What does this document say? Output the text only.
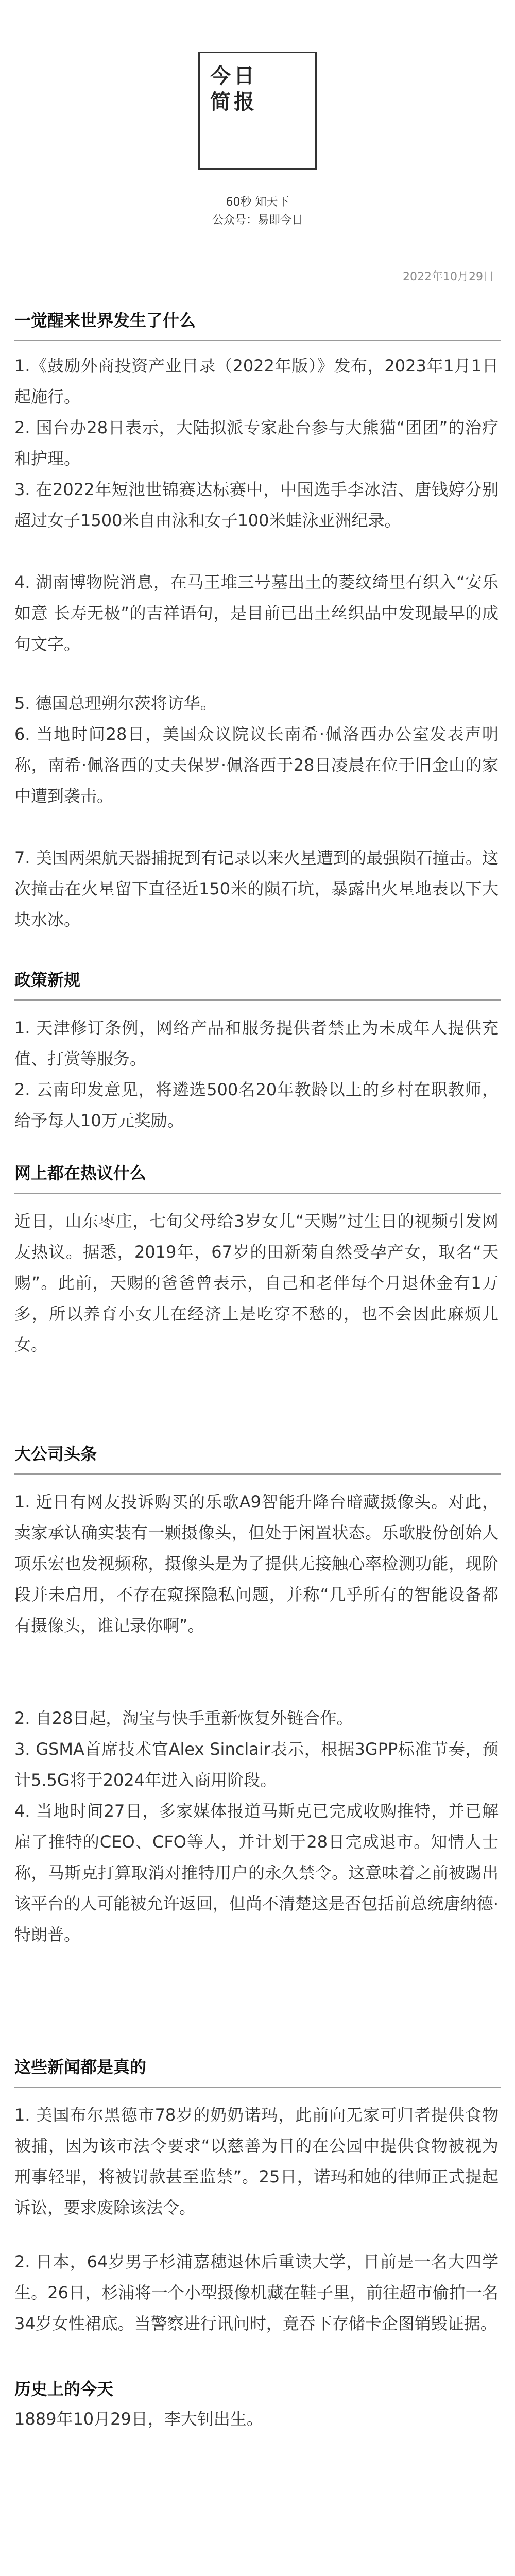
今日
简报
60秒 知天下
公众号：易即今日
2022年10月29日
一觉醒来世界发生了什么

1.《鼓励外商投资产业目录（2022年版）》发布，2023年1月1日起施行。

2. 国台办28日表示，大陆拟派专家赴台参与大熊猫“团团”的治疗和护理。

3. 在2022年短池世锦赛达标赛中，中国选手李冰洁、唐钱婷分别超过女子1500米自由泳和女子100米蛙泳亚洲纪录。

4. 湖南博物院消息，在马王堆三号墓出土的菱纹绮里有织入“安乐如意 长寿无极”的吉祥语句，是目前已出土丝织品中发现最早的成句文字。

5. 德国总理朔尔茨将访华。

6. 当地时间28日，美国众议院议长南希·佩洛西办公室发表声明称，南希·佩洛西的丈夫保罗·佩洛西于28日凌晨在位于旧金山的家中遭到袭击。

7. 美国两架航天器捕捉到有记录以来火星遭到的最强陨石撞击。这次撞击在火星留下直径近150米的陨石坑，暴露出火星地表以下大块水冰。

政策新规

1. 天津修订条例，网络产品和服务提供者禁止为未成年人提供充值、打赏等服务。

2. 云南印发意见，将遴选500名20年教龄以上的乡村在职教师，给予每人10万元奖励。

网上都在热议什么

近日，山东枣庄，七旬父母给3岁女儿“天赐”过生日的视频引发网友热议。据悉，2019年，67岁的田新菊自然受孕产女，取名“天赐”。此前，天赐的爸爸曾表示，自己和老伴每个月退休金有1万多，所以养育小女儿在经济上是吃穿不愁的，也不会因此麻烦儿女。

大公司头条

1. 近日有网友投诉购买的乐歌A9智能升降台暗藏摄像头。对此，卖家承认确实装有一颗摄像头，但处于闲置状态。乐歌股份创始人项乐宏也发视频称，摄像头是为了提供无接触心率检测功能，现阶段并未启用，不存在窥探隐私问题，并称“几乎所有的智能设备都有摄像头，谁记录你啊”。

2. 自28日起，淘宝与快手重新恢复外链合作。

3. GSMA首席技术官Alex Sinclair表示，根据3GPP标准节奏，预计5.5G将于2024年进入商用阶段。

4. 当地时间27日，多家媒体报道马斯克已完成收购推特，并已解雇了推特的CEO、CFO等人，并计划于28日完成退市。知情人士称，马斯克打算取消对推特用户的永久禁令。这意味着之前被踢出该平台的人可能被允许返回，但尚不清楚这是否包括前总统唐纳德·特朗普。

这些新闻都是真的

1. 美国布尔黑德市78岁的奶奶诺玛，此前向无家可归者提供食物被捕，因为该市法令要求“以慈善为目的在公园中提供食物被视为刑事轻罪，将被罚款甚至监禁”。25日，诺玛和她的律师正式提起诉讼，要求废除该法令。

2. 日本，64岁男子杉浦嘉穗退休后重读大学，目前是一名大四学生。26日，杉浦将一个小型摄像机藏在鞋子里，前往超市偷拍一名34岁女性裙底。当警察进行讯问时，竟吞下存储卡企图销毁证据。

历史上的今天

1889年10月29日，李大钊出生。
